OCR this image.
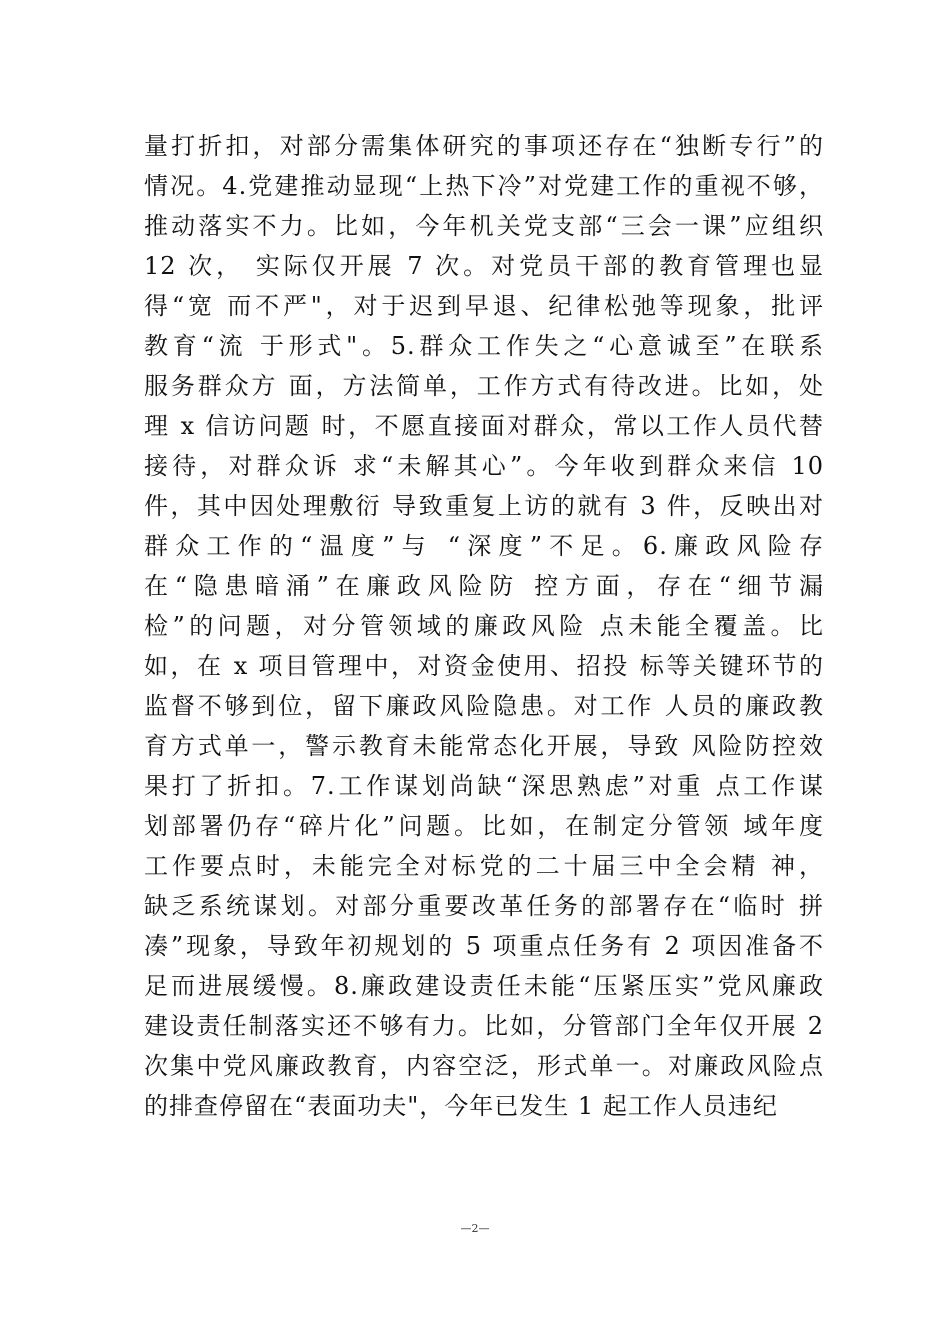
量打折扣，对部分需集体研究的事项还存在“独断专行”的
情况。4.党建推动显现“上热下冷”对党建工作的重视不够，
推动落实不力。比如，今年机关党支部“三会一课”应组织
12 次， 实际仅开展 7 次。对党员干部的教育管理也显
得“宽 而不严"，对于迟到早退、纪律松弛等现象，批评
教育“流 于形式"。5.群众工作失之“心意诚至”在联系
服务群众方 面，方法简单，工作方式有待改进。比如，处
理 x 信访问题 时，不愿直接面对群众，常以工作人员代替
接待，对群众诉 求“未解其心”。今年收到群众来信 10
件，其中因处理敷衍 导致重复上访的就有 3 件，反映出对
群众工作的“温度”与 “深度”不足。6.廉政风险存
在“隐患暗涌”在廉政风险防 控方面，存在“细节漏
检”的问题，对分管领域的廉政风险 点未能全覆盖。比
如，在 x 项目管理中，对资金使用、招投 标等关键环节的
监督不够到位，留下廉政风险隐患。对工作 人员的廉政教
育方式单一，警示教育未能常态化开展，导致 风险防控效
果打了折扣。7.工作谋划尚缺“深思熟虑”对重 点工作谋
划部署仍存“碎片化”问题。比如，在制定分管领 域年度
工作要点时，未能完全对标党的二十届三中全会精 神，
缺乏系统谋划。对部分重要改革任务的部署存在“临时 拼
凑”现象，导致年初规划的 5 项重点任务有 2 项因准备不
足而进展缓慢。8.廉政建设责任未能“压紧压实”党风廉政
建设责任制落实还不够有力。比如，分管部门全年仅开展 2
次集中党风廉政教育，内容空泛，形式单一。对廉政风险点
的排查停留在“表面功夫"，今年已发生 1 起工作人员违纪
—2—
